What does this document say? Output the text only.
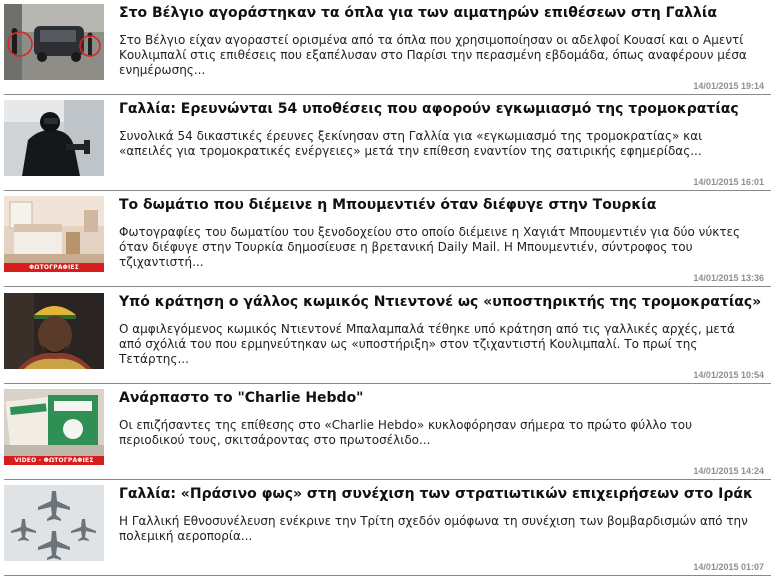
Στο Βέλγιο αγοράστηκαν τα όπλα για των αιματηρών επιθέσεων στη Γαλλία

Στο Βέλγιο είχαν αγοραστεί ορισμένα από τα όπλα που χρησιμοποίησαν οι αδελφοί Κουασί και ο Αμεντί Κουλιμπαλί στις επιθέσεις που εξαπέλυσαν στο Παρίσι την περασμένη εβδομάδα, όπως αναφέρουν μέσα ενημέρωσης...

14/01/2015 19:14
Γαλλία: Ερευνώνται 54 υποθέσεις που αφορούν εγκωμιασμό της τρομοκρατίας

Συνολικά 54 δικαστικές έρευνες ξεκίνησαν στη Γαλλία για «εγκωμιασμό της τρομοκρατίας» και «απειλές για τρομοκρατικές ενέργειες» μετά την επίθεση εναντίον της σατιρικής εφημερίδας...

14/01/2015 16:01
ΦΩΤΟΓΡΑΦΙΕΣ
Το δωμάτιο που διέμεινε η Μπουμεντιέν όταν διέφυγε στην Τουρκία

Φωτογραφίες του δωματίου του ξενοδοχείου στο οποίο διέμεινε η Χαγιάτ Μπουμεντιέν για δύο νύκτες όταν διέφυγε στην Τουρκία δημοσίευσε η βρετανική Daily Mail. Η Μπουμεντιέν, σύντροφος του τζιχαντιστή...

14/01/2015 13:36
Υπό κράτηση ο γάλλος κωμικός Ντιεντονέ ως «υποστηρικτής της τρομοκρατίας»

Ο αμφιλεγόμενος κωμικός Ντιεντονέ Μπαλαμπαλά τέθηκε υπό κράτηση από τις γαλλικές αρχές, μετά από σχόλιά του που ερμηνεύτηκαν ως «υποστήριξη» στον τζιχαντιστή Κουλιμπαλί. Το πρωί της Τετάρτης...

14/01/2015 10:54
VIDEO - ΦΩΤΟΓΡΑΦΙΕΣ
Ανάρπαστο το "Charlie Hebdo"

Οι επιζήσαντες της επίθεσης στο «Charlie Hebdo» κυκλοφόρησαν σήμερα το πρώτο φύλλο του περιοδικού τους, σκιτσάροντας στο πρωτοσέλιδο...

14/01/2015 14:24
Γαλλία: «Πράσινο φως» στη συνέχιση των στρατιωτικών επιχειρήσεων στο Ιράκ

Η Γαλλική Εθνοσυνέλευση ενέκρινε την Τρίτη σχεδόν ομόφωνα τη συνέχιση των βομβαρδισμών από την πολεμική αεροπορία...

14/01/2015 01:07
